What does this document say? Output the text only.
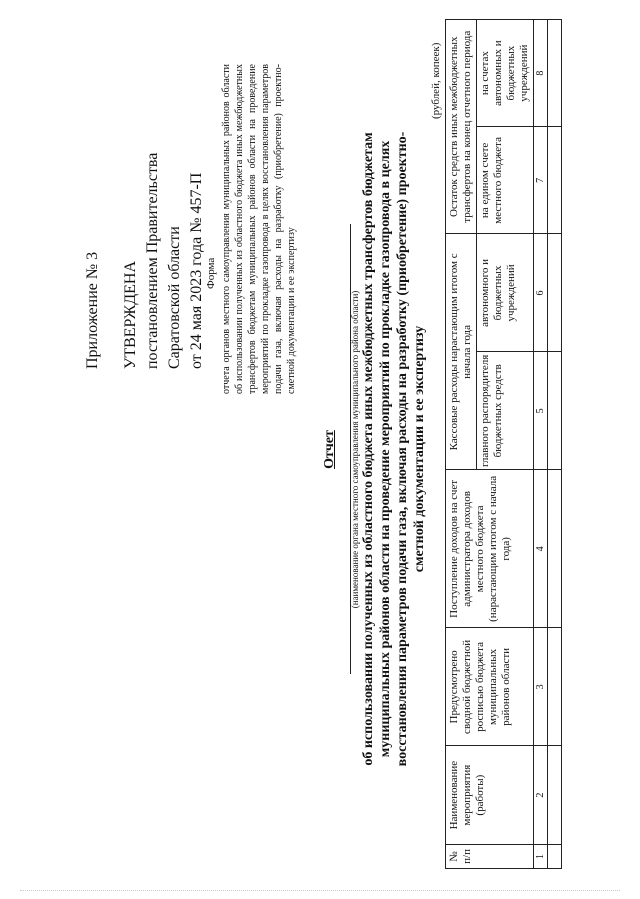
Приложение № 3 УТВЕРЖДЕНА постановлением Правительства Саратовской области от 24 мая 2023 года № 457-П Форма отчета органов местного самоуправления муниципальных районов области об использовании полученных из областного бюджета иных межбюджетных трансфертов бюджетам муниципальных районов области на проведение мероприятий по прокладке газопровода в целях восстановления параметров подачи газа, включая расходы на разработку (приобретение) проектно-сметной документации и ее экспертизу
Отчет (наименование органа местного самоуправления муниципального района области) об использовании полученных из областного бюджета иных межбюджетных трансфертов бюджетам муниципальных районов области на проведение мероприятий по прокладке газопровода в целях восстановления параметров подачи газа, включая расходы на разработку (приобретение) проектно-сметной документации и ее экспертизу
(рублей, копеек)
№ п/п	Наименование мероприятия (работы)	Предусмотрено сводной бюджетной росписью бюджета муниципальных районов области	Поступление доходов на счет администратора доходов местного бюджета (нарастающим итогом с начала года)	Кассовые расходы нарастающим итогом с начала года		Остаток средств иных межбюджетных трансфертов на конец отчетного периода	
				главного распорядителя бюджетных средств	автономного и бюджетных учреждений	на едином счете местного бюджета	на счетах автономных и бюджетных учреждений
1	2	3	4	5	6	7	8
